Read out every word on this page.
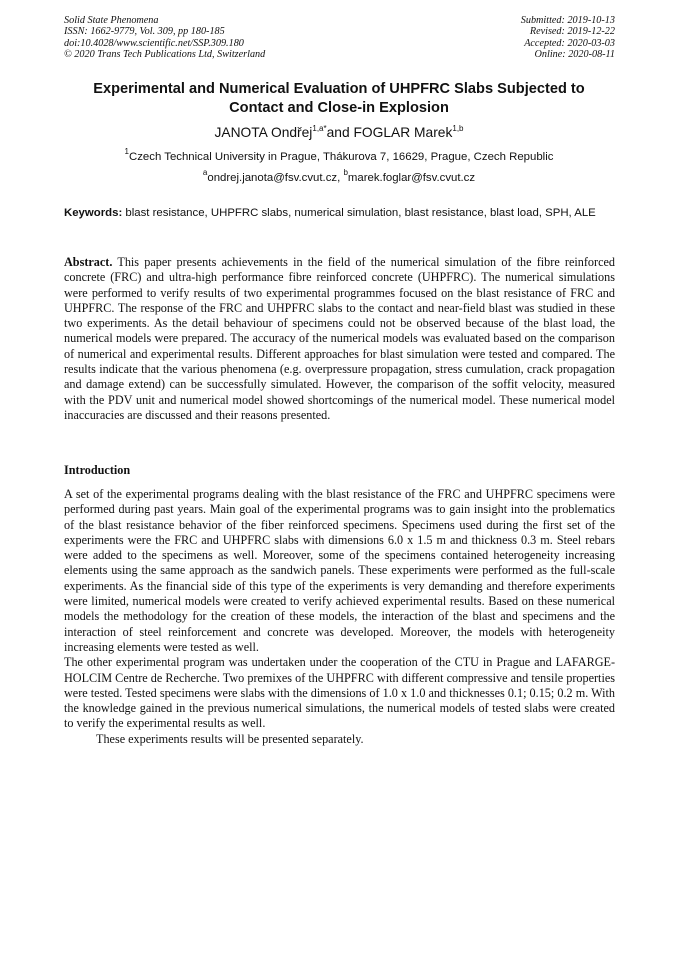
Solid State Phenomena
ISSN: 1662-9779, Vol. 309, pp 180-185
doi:10.4028/www.scientific.net/SSP.309.180
© 2020 Trans Tech Publications Ltd, Switzerland
Submitted: 2019-10-13
Revised: 2019-12-22
Accepted: 2020-03-03
Online: 2020-08-11
Experimental and Numerical Evaluation of UHPFRC Slabs Subjected to
Contact and Close-in Explosion
JANOTA Ondřej$^{1,a*}$and FOGLAR Marek$^{1,b}$
$^1$Czech Technical University in Prague, Thákurova 7, 16629, Prague, Czech Republic
$^a$ondrej.janota@fsv.cvut.cz, $^b$marek.foglar@fsv.cvut.cz
Keywords: blast resistance, UHPFRC slabs, numerical simulation, blast resistance, blast load, SPH, ALE
Abstract. This paper presents achievements in the field of the numerical simulation of the fibre reinforced concrete (FRC) and ultra-high performance fibre reinforced concrete (UHPFRC). The numerical simulations were performed to verify results of two experimental programmes focused on the blast resistance of FRC and UHPFRC. The response of the FRC and UHPFRC slabs to the contact and near-field blast was studied in these two experiments. As the detail behaviour of specimens could not be observed because of the blast load, the numerical models were prepared. The accuracy of the numerical models was evaluated based on the comparison of numerical and experimental results. Different approaches for blast simulation were tested and compared. The results indicate that the various phenomena (e.g. overpressure propagation, stress cumulation, crack propagation and damage extend) can be successfully simulated. However, the comparison of the soffit velocity, measured with the PDV unit and numerical model showed shortcomings of the numerical model. These numerical model inaccuracies are discussed and their reasons presented.
Introduction

A set of the experimental programs dealing with the blast resistance of the FRC and UHPFRC specimens were performed during past years. Main goal of the experimental programs was to gain insight into the problematics of the blast resistance behavior of the fiber reinforced specimens. Specimens used during the first set of the experiments were the FRC and UHPFRC slabs with dimensions 6.0 x 1.5 m and thickness 0.3 m. Steel rebars were added to the specimens as well. Moreover, some of the specimens contained heterogeneity increasing elements using the same approach as the sandwich panels. These experiments were performed as the full-scale experiments. As the financial side of this type of the experiments is very demanding and therefore experiments were limited, numerical models were created to verify achieved experimental results. Based on these numerical models the methodology for the creation of these models, the interaction of the blast and specimens and the interaction of steel reinforcement and concrete was developed. Moreover, the models with heterogeneity increasing elements were tested as well.

The other experimental program was undertaken under the cooperation of the CTU in Prague and LAFARGE-HOLCIM Centre de Recherche. Two premixes of the UHPFRC with different compressive and tensile properties were tested. Tested specimens were slabs with the dimensions of 1.0 x 1.0 and thicknesses 0.1; 0.15; 0.2 m. With the knowledge gained in the previous numerical simulations, the numerical models of tested slabs were created to verify the experimental results as well.

These experiments results will be presented separately.
